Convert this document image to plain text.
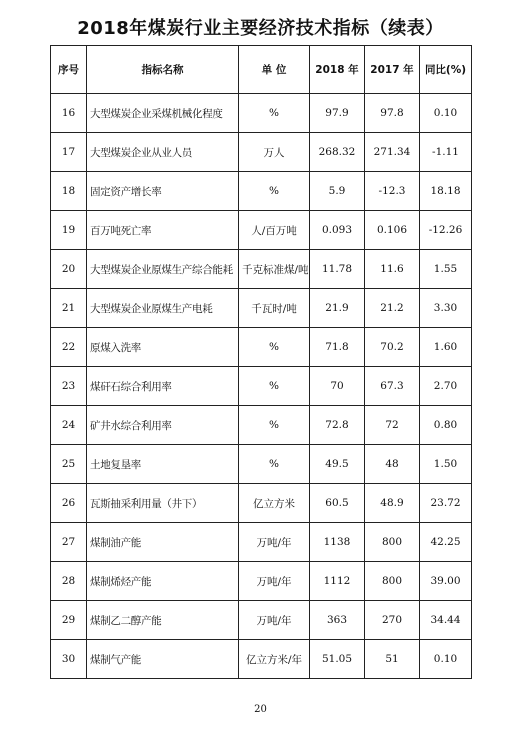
2018年煤炭行业主要经济技术指标（续表）
序号	指标名称	单 位	2018 年	2017 年	同比(%)
16	大型煤炭企业采煤机械化程度	%	97.9	97.8	0.10
17	大型煤炭企业从业人员	万人	268.32	271.34	-1.11
18	固定资产增长率	%	5.9	-12.3	18.18
19	百万吨死亡率	人/百万吨	0.093	0.106	-12.26
20	大型煤炭企业原煤生产综合能耗	千克标准煤/吨	11.78	11.6	1.55
21	大型煤炭企业原煤生产电耗	千瓦时/吨	21.9	21.2	3.30
22	原煤入洗率	%	71.8	70.2	1.60
23	煤矸石综合利用率	%	70	67.3	2.70
24	矿井水综合利用率	%	72.8	72	0.80
25	土地复垦率	%	49.5	48	1.50
26	瓦斯抽采利用量（井下）	亿立方米	60.5	48.9	23.72
27	煤制油产能	万吨/年	1138	800	42.25
28	煤制烯烃产能	万吨/年	1112	800	39.00
29	煤制乙二醇产能	万吨/年	363	270	34.44
30	煤制气产能	亿立方米/年	51.05	51	0.10
20
